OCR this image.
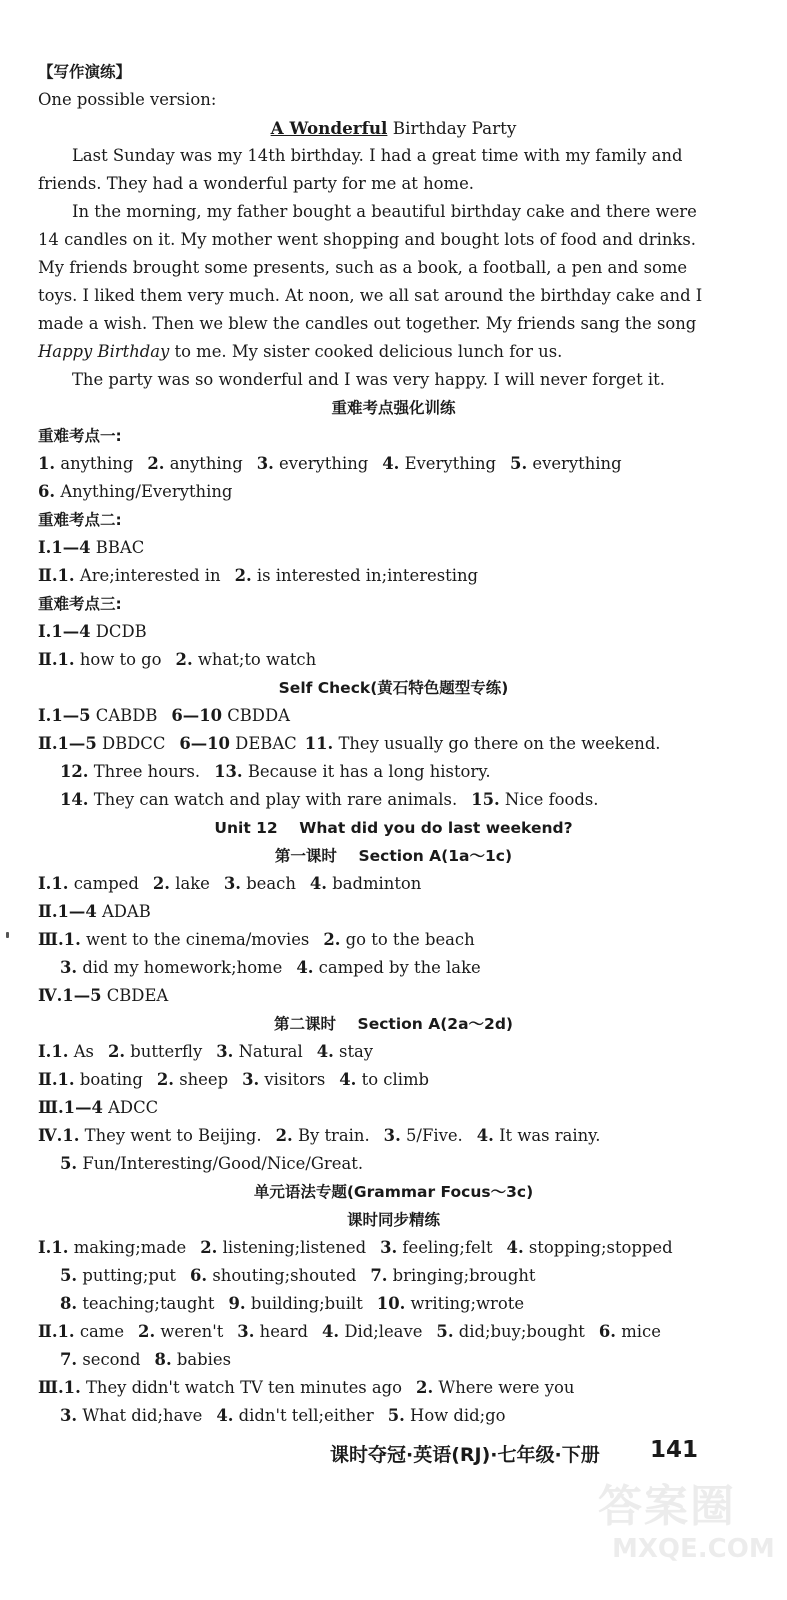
【写作演练】
One possible version:
A Wonderful Birthday Party
Last Sunday was my 14th birthday. I had a great time with my family and
friends. They had a wonderful party for me at home.
In the morning, my father bought a beautiful birthday cake and there were
14 candles on it. My mother went shopping and bought lots of food and drinks.
My friends brought some presents, such as a book, a football, a pen and some
toys. I liked them very much. At noon, we all sat around the birthday cake and I
made a wish. Then we blew the candles out together. My friends sang the song
Happy Birthday to me. My sister cooked delicious lunch for us.
The party was so wonderful and I was very happy. I will never forget it.
重难考点强化训练
重难考点一:
1. anything 2. anything 3. everything 4. Everything 5. everything
6. Anything/Everything
重难考点二:
Ⅰ.1—4 BBAC
Ⅱ.1. Are;interested in 2. is interested in;interesting
重难考点三:
Ⅰ.1—4 DCDB
Ⅱ.1. how to go 2. what;to watch
Self Check(黄石特色题型专练)
Ⅰ.1—5 CABDB 6—10 CBDDA
Ⅱ.1—5 DBDCC 6—10 DEBAC 11. They usually go there on the weekend.
12. Three hours. 13. Because it has a long history.
14. They can watch and play with rare animals. 15. Nice foods.
Unit 12    What did you do last weekend?
第一课时    Section A(1a～1c)
Ⅰ.1. camped 2. lake 3. beach 4. badminton
Ⅱ.1—4 ADAB
Ⅲ.1. went to the cinema/movies 2. go to the beach
3. did my homework;home 4. camped by the lake
Ⅳ.1—5 CBDEA
第二课时    Section A(2a～2d)
Ⅰ.1. As 2. butterfly 3. Natural 4. stay
Ⅱ.1. boating 2. sheep 3. visitors 4. to climb
Ⅲ.1—4 ADCC
Ⅳ.1. They went to Beijing. 2. By train. 3. 5/Five. 4. It was rainy.
5. Fun/Interesting/Good/Nice/Great.
单元语法专题(Grammar Focus～3c)
课时同步精练
Ⅰ.1. making;made 2. listening;listened 3. feeling;felt 4. stopping;stopped
5. putting;put 6. shouting;shouted 7. bringing;brought
8. teaching;taught 9. building;built 10. writing;wrote
Ⅱ.1. came 2. weren't 3. heard 4. Did;leave 5. did;buy;bought 6. mice
7. second 8. babies
Ⅲ.1. They didn't watch TV ten minutes ago 2. Where were you
3. What did;have 4. didn't tell;either 5. How did;go
课时夺冠·英语(RJ)·七年级·下册 141
答案圈
MXQE.COM
